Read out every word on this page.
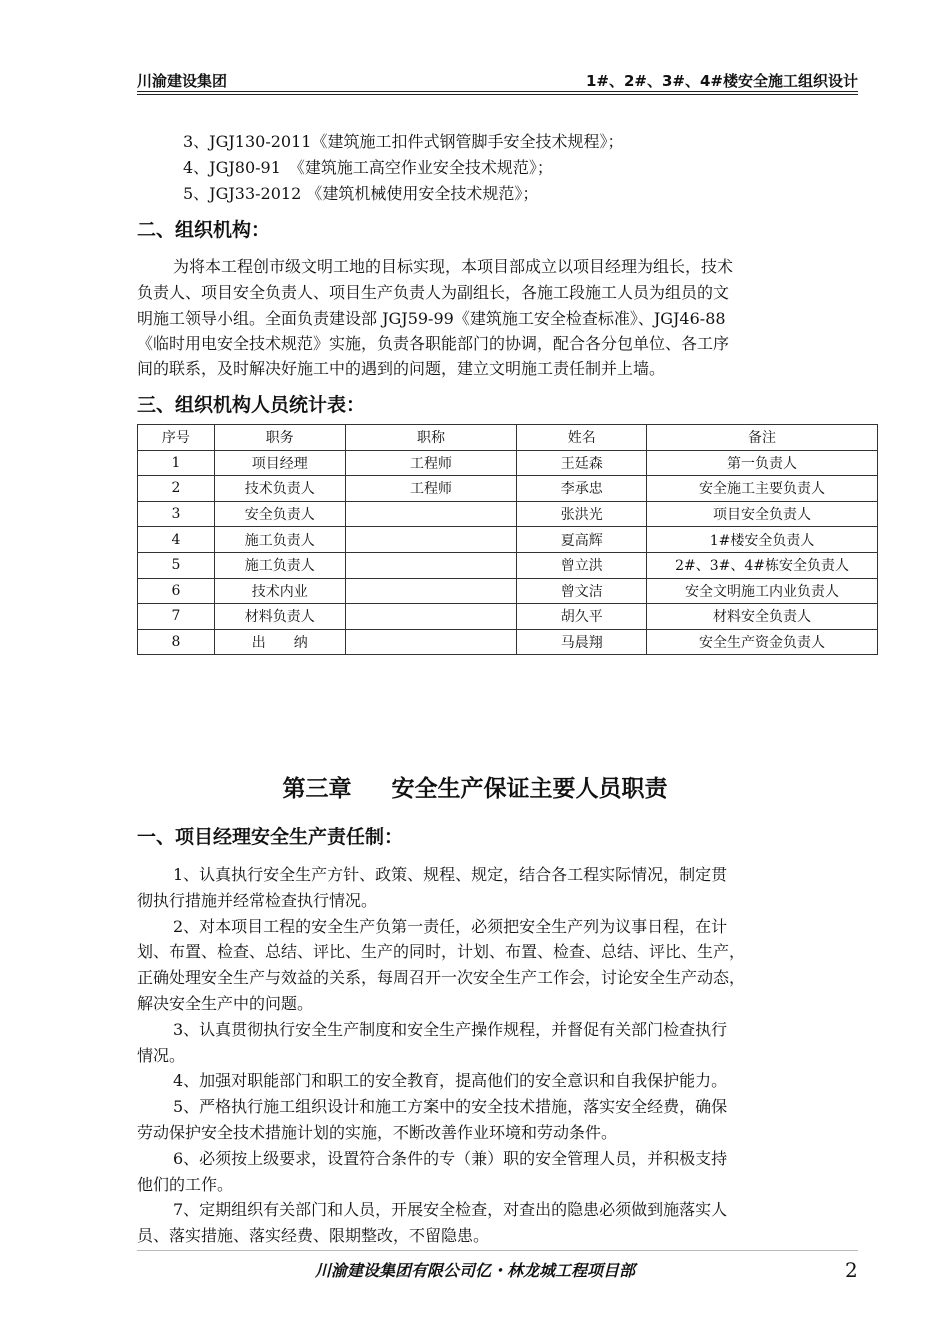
川渝建设集团	1#、2#、3#、4#楼安全施工组织设计
3、JGJ130-2011《建筑施工扣件式钢管脚手安全技术规程》；
4、JGJ80-91　《建筑施工高空作业安全技术规范》；
5、JGJ33-2012 《建筑机械使用安全技术规范》；
二、组织机构：
为将本工程创市级文明工地的目标实现，本项目部成立以项目经理为组长，技术
负责人、项目安全负责人、项目生产负责人为副组长，各施工段施工人员为组员的文
明施工领导小组。全面负责建设部 JGJ59-99《建筑施工安全检查标准》、JGJ46-88
《临时用电安全技术规范》实施，负责各职能部门的协调，配合各分包单位、各工序
间的联系，及时解决好施工中的遇到的问题，建立文明施工责任制并上墙。
三、组织机构人员统计表：
序号	职务	职称	姓名	备注
1	项目经理	工程师	王廷森	第一负责人
2	技术负责人	工程师	李承忠	安全施工主要负责人
3	安全负责人		张洪光	项目安全负责人
4	施工负责人		夏高辉	1#楼安全负责人
5	施工负责人		曾立洪	2#、3#、4#栋安全负责人
6	技术内业		曾文洁	安全文明施工内业负责人
7	材料负责人		胡久平	材料安全负责人
8	出　　纳		马晨翔	安全生产资金负责人
第三章 安全生产保证主要人员职责
一、项目经理安全生产责任制：
1、认真执行安全生产方针、政策、规程、规定，结合各工程实际情况，制定贯
彻执行措施并经常检查执行情况。
2、对本项目工程的安全生产负第一责任，必须把安全生产列为议事日程，在计
划、布置、检查、总结、评比、生产的同时，计划、布置、检查、总结、评比、生产，
正确处理安全生产与效益的关系，每周召开一次安全生产工作会，讨论安全生产动态，
解决安全生产中的问题。
3、认真贯彻执行安全生产制度和安全生产操作规程，并督促有关部门检查执行
情况。
4、加强对职能部门和职工的安全教育，提高他们的安全意识和自我保护能力。
5、严格执行施工组织设计和施工方案中的安全技术措施，落实安全经费，确保
劳动保护安全技术措施计划的实施，不断改善作业环境和劳动条件。
6、必须按上级要求，设置符合条件的专（兼）职的安全管理人员，并积极支持
他们的工作。
7、定期组织有关部门和人员，开展安全检查，对查出的隐患必须做到施落实人
员、落实措施、落实经费、限期整改，不留隐患。
川渝建设集团有限公司亿・林龙城工程项目部	2
